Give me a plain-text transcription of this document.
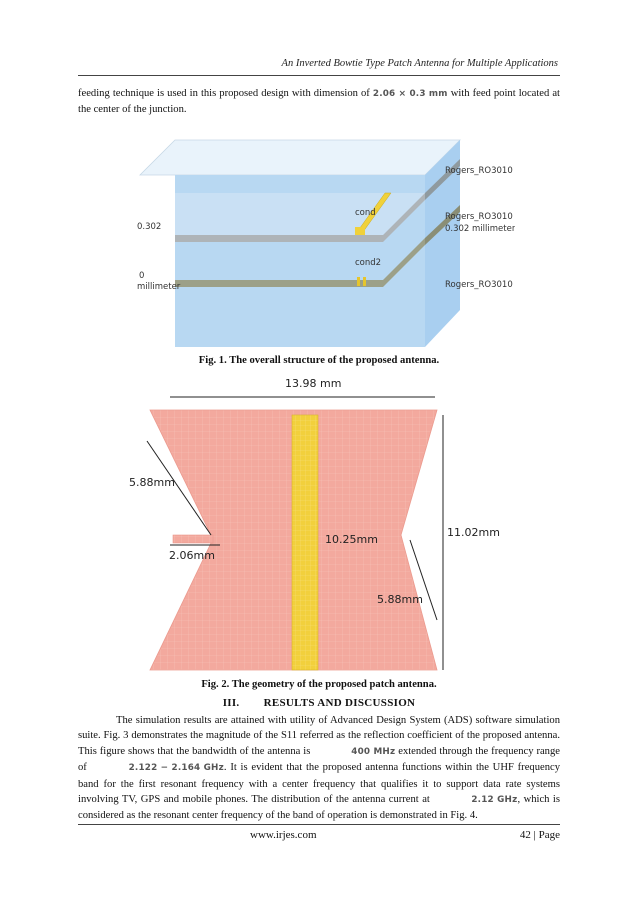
An Inverted Bowtie Type Patch Antenna for Multiple Applications
feeding technique is used in this proposed design with dimension of 2.06 × 0.3 mm with feed point located at the center of the junction.
0.302
0
millimeter
cond
cond2
Rogers_RO3010
Rogers_RO3010
0.302 millimeter
Rogers_RO3010
Fig. 1. The overall structure of the proposed antenna.
13.98 mm
5.88mm
2.06mm
10.25mm
11.02mm
5.88mm
Fig. 2. The geometry of the proposed patch antenna.
III. RESULTS AND DISCUSSION
The simulation results are attained with utility of Advanced Design System (ADS) software simulation suite. Fig. 3 demonstrates the magnitude of the S11 referred as the reflection coefficient of the proposed antenna. This figure shows that the bandwidth of the antenna is	400 MHz extended through the frequency range of	2.122 − 2.164 GHz. It is evident that the proposed antenna functions within the UHF frequency band for the first resonant frequency with a center frequency that qualifies it to support data rate systems involving TV, GPS and mobile phones. The distribution of the antenna current at	2.12 GHz, which is considered as the resonant center frequency of the band of operation is demonstrated in Fig. 4.
www.irjes.com	42 | Page
